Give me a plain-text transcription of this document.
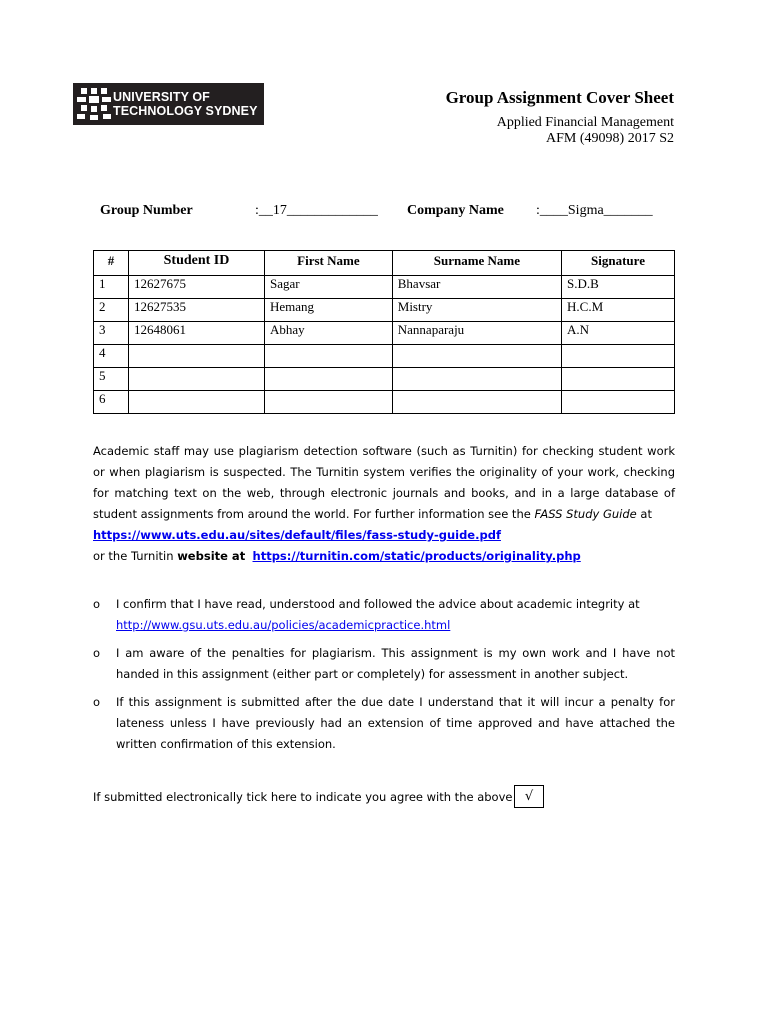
UNIVERSITY OF
TECHNOLOGY SYDNEY
Group Assignment Cover Sheet
Applied Financial Management
AFM (49098) 2017 S2
Group Number	:__17_____________ Company Name :____Sigma_______
#	Student ID	First Name	Surname Name	Signature
1	12627675	Sagar	Bhavsar	S.D.B
2	12627535	Hemang	Mistry	H.C.M
3	12648061	Abhay	Nannaparaju	A.N
4				
5				
6				
Academic staff may use plagiarism detection software (such as Turnitin) for checking student work or when plagiarism is suspected. The Turnitin system verifies the originality of your work, checking for matching text on the web, through electronic journals and books, and in a large database of student assignments from around the world. For further information see the FASS Study Guide at
https://www.uts.edu.au/sites/default/files/fass-study-guide.pdf
or the Turnitin website at https://turnitin.com/static/products/originality.php
o I confirm that I have read, understood and followed the advice about academic integrity at
http://www.gsu.uts.edu.au/policies/academicpractice.html
o I am aware of the penalties for plagiarism. This assignment is my own work and I have not handed in this assignment (either part or completely) for assessment in another subject.
o If this assignment is submitted after the due date I understand that it will incur a penalty for lateness unless I have previously had an extension of time approved and have attached the written confirmation of this extension.
If submitted electronically tick here to indicate you agree with the above √
